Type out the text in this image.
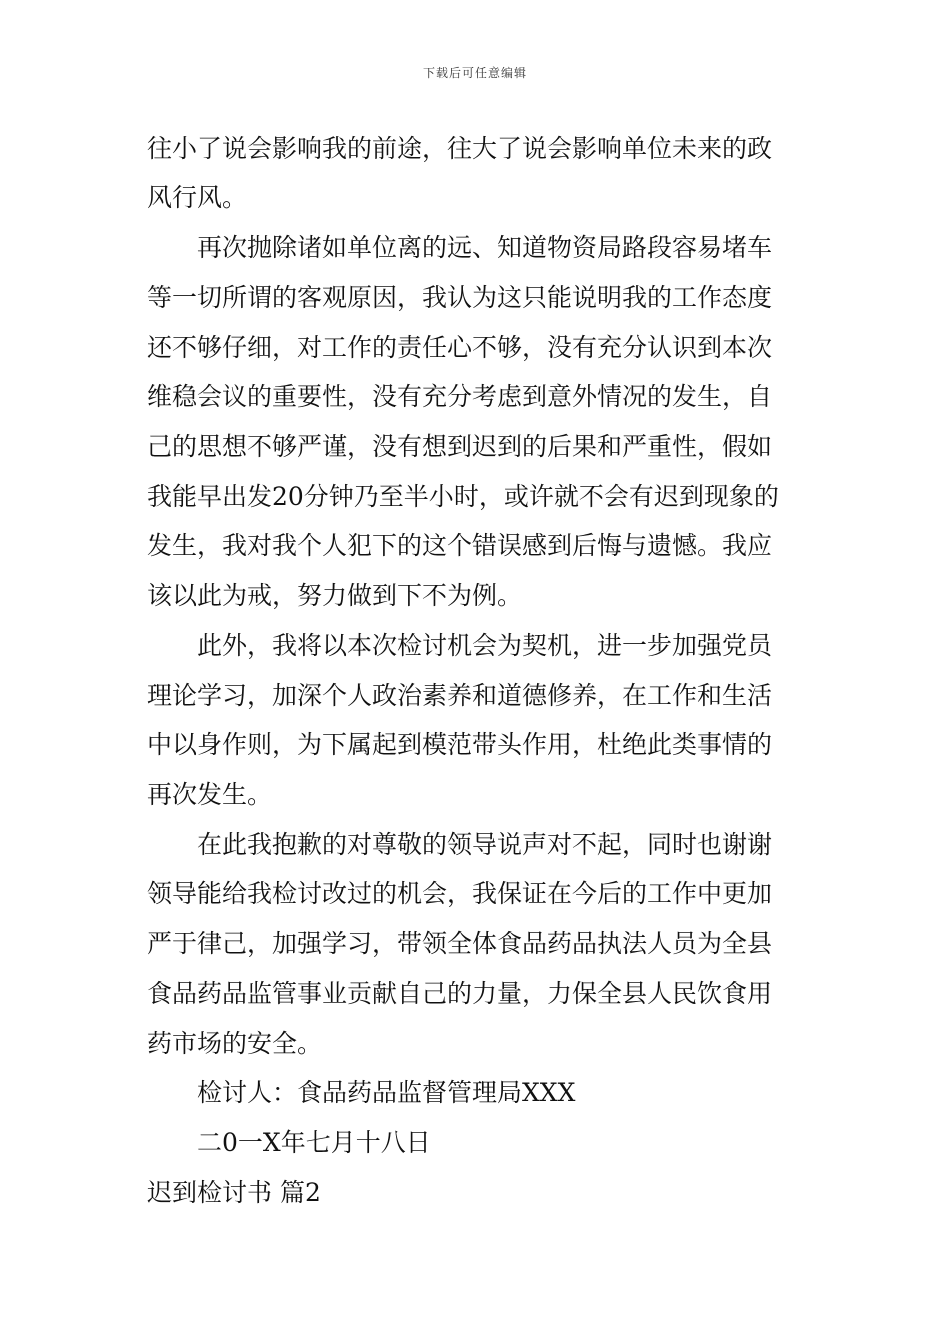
下载后可任意编辑
往小了说会影响我的前途，往大了说会影响单位未来的政
风行风。
　　再次抛除诸如单位离的远、知道物资局路段容易堵车
等一切所谓的客观原因，我认为这只能说明我的工作态度
还不够仔细，对工作的责任心不够，没有充分认识到本次
维稳会议的重要性，没有充分考虑到意外情况的发生，自
己的思想不够严谨，没有想到迟到的后果和严重性，假如
我能早出发20分钟乃至半小时，或许就不会有迟到现象的
发生，我对我个人犯下的这个错误感到后悔与遗憾。我应
该以此为戒，努力做到下不为例。
　　此外，我将以本次检讨机会为契机，进一步加强党员
理论学习，加深个人政治素养和道德修养，在工作和生活
中以身作则，为下属起到模范带头作用，杜绝此类事情的
再次发生。
　　在此我抱歉的对尊敬的领导说声对不起，同时也谢谢
领导能给我检讨改过的机会，我保证在今后的工作中更加
严于律己，加强学习，带领全体食品药品执法人员为全县
食品药品监管事业贡献自己的力量，力保全县人民饮食用
药市场的安全。
　　检讨人：食品药品监督管理局XXX
　　二0一X年七月十八日
迟到检讨书 篇2
